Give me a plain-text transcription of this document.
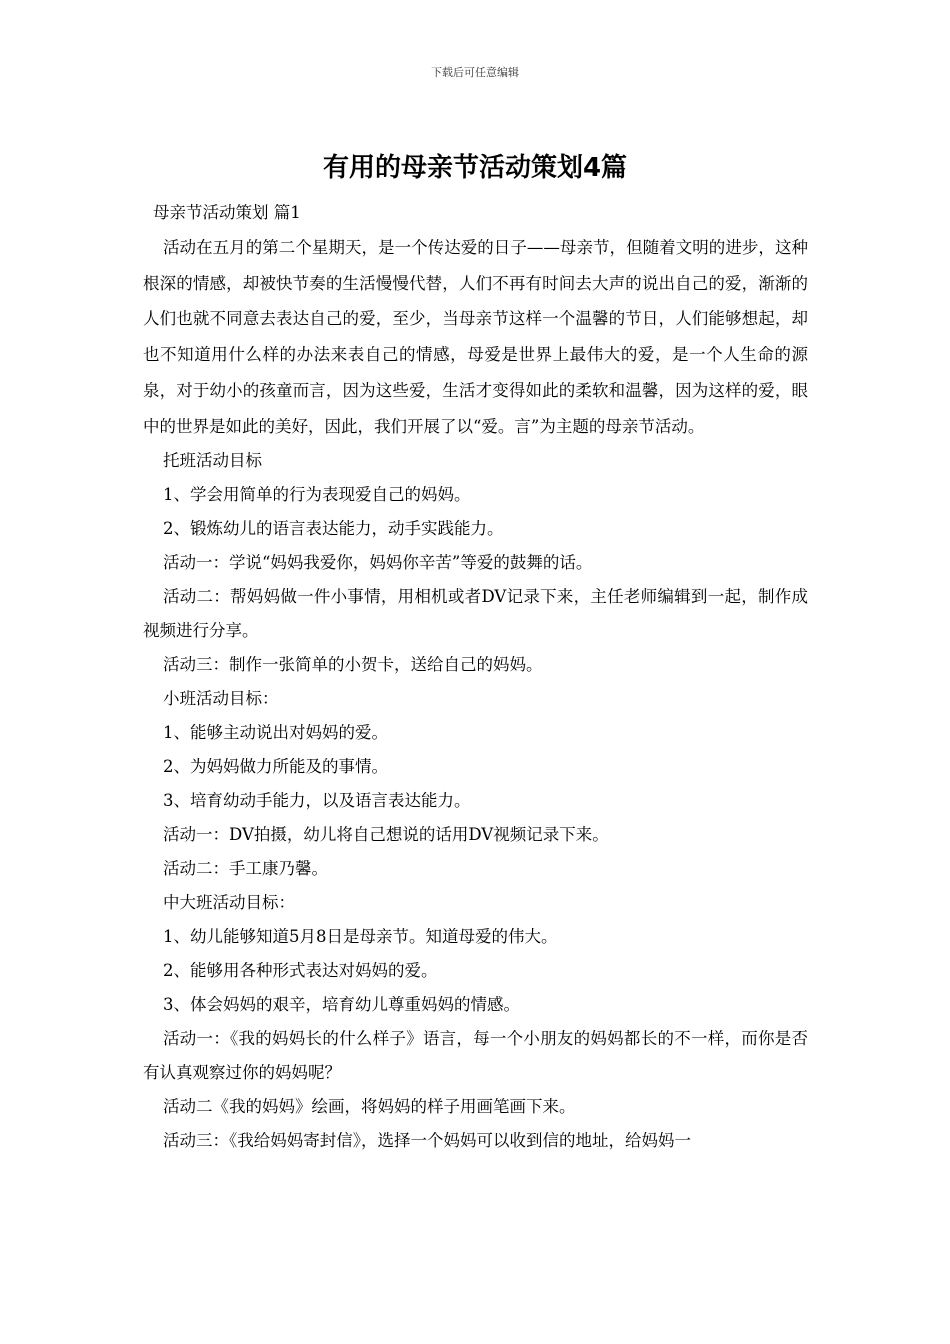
下载后可任意编辑
有用的母亲节活动策划4篇

母亲节活动策划 篇1

活动在五月的第二个星期天，是一个传达爱的日子——母亲节，但随着文明的进步，这种根深的情感，却被快节奏的生活慢慢代替，人们不再有时间去大声的说出自己的爱，渐渐的人们也就不同意去表达自己的爱，至少，当母亲节这样一个温馨的节日，人们能够想起，却也不知道用什么样的办法来表自己的情感，母爱是世界上最伟大的爱，是一个人生命的源泉，对于幼小的孩童而言，因为这些爱，生活才变得如此的柔软和温馨，因为这样的爱，眼中的世界是如此的美好，因此，我们开展了以“爱。言”为主题的母亲节活动。

托班活动目标

1、学会用简单的行为表现爱自己的妈妈。

2、锻炼幼儿的语言表达能力，动手实践能力。

活动一：学说“妈妈我爱你，妈妈你辛苦”等爱的鼓舞的话。

活动二：帮妈妈做一件小事情，用相机或者DV记录下来，主任老师编辑到一起，制作成视频进行分享。

活动三：制作一张简单的小贺卡，送给自己的妈妈。

小班活动目标：

1、能够主动说出对妈妈的爱。

2、为妈妈做力所能及的事情。

3、培育幼动手能力，以及语言表达能力。

活动一：DV拍摄，幼儿将自己想说的话用DV视频记录下来。

活动二：手工康乃馨。

中大班活动目标：

1、幼儿能够知道5月8日是母亲节。知道母爱的伟大。

2、能够用各种形式表达对妈妈的爱。

3、体会妈妈的艰辛，培育幼儿尊重妈妈的情感。

活动一：《我的妈妈长的什么样子》语言，每一个小朋友的妈妈都长的不一样，而你是否有认真观察过你的妈妈呢？

活动二《我的妈妈》绘画，将妈妈的样子用画笔画下来。

活动三：《我给妈妈寄封信》，选择一个妈妈可以收到信的地址，给妈妈一
